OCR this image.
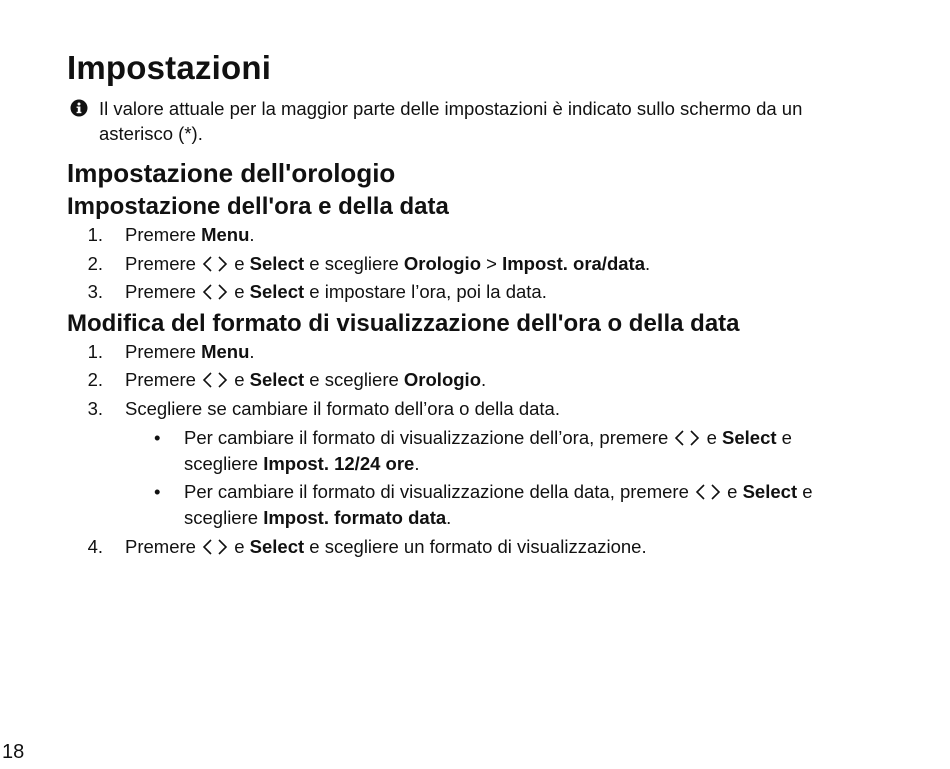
Impostazioni
Il valore attuale per la maggior parte delle impostazioni è indicato sullo schermo da un asterisco (*).
Impostazione dell'orologio
Impostazione dell'ora e della data
1. Premere Menu.
2. Premere  e Select e scegliere Orologio > Impost. ora/data.
3. Premere  e Select e impostare l’ora, poi la data.
Modifica del formato di visualizzazione dell'ora o della data
1. Premere Menu.
2. Premere  e Select e scegliere Orologio.
3. Scegliere se cambiare il formato dell’ora o della data.
• Per cambiare il formato di visualizzazione dell’ora, premere  e Select e scegliere Impost. 12/24 ore.
• Per cambiare il formato di visualizzazione della data, premere  e Select e scegliere Impost. formato data.
4. Premere  e Select e scegliere un formato di visualizzazione.
18
